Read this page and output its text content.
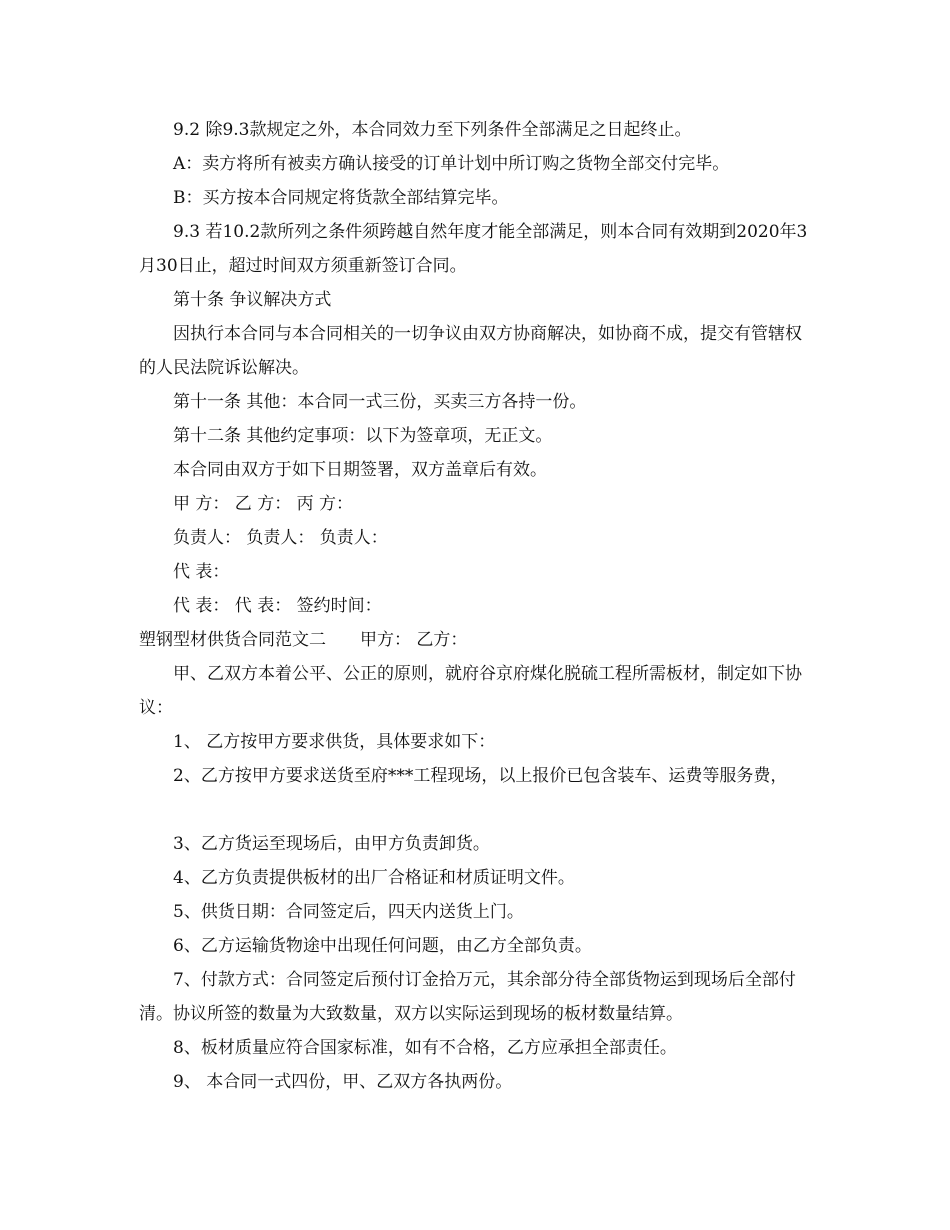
9.2 除9.3款规定之外，本合同效力至下列条件全部满足之日起终止。

A：卖方将所有被卖方确认接受的订单计划中所订购之货物全部交付完毕。

B：买方按本合同规定将货款全部结算完毕。

9.3 若10.2款所列之条件须跨越自然年度才能全部满足，则本合同有效期到2020年3月30日止，超过时间双方须重新签订合同。

第十条 争议解决方式

因执行本合同与本合同相关的一切争议由双方协商解决，如协商不成，提交有管辖权的人民法院诉讼解决。

第十一条 其他：本合同一式三份，买卖三方各持一份。

第十二条 其他约定事项：以下为签章项，无正文。

本合同由双方于如下日期签署，双方盖章后有效。

甲 方： 乙 方： 丙 方：

负责人： 负责人： 负责人：

代 表：

代 表： 代 表： 签约时间：

塑钢型材供货合同范文二　　甲方： 乙方：

甲、乙双方本着公平、公正的原则，就府谷京府煤化脱硫工程所需板材，制定如下协议：

1、 乙方按甲方要求供货，具体要求如下：

2、乙方按甲方要求送货至府***工程现场，以上报价已包含装车、运费等服务费，

3、乙方货运至现场后，由甲方负责卸货。

4、乙方负责提供板材的出厂合格证和材质证明文件。

5、供货日期：合同签定后，四天内送货上门。

6、乙方运输货物途中出现任何问题，由乙方全部负责。

7、付款方式：合同签定后预付订金拾万元，其余部分待全部货物运到现场后全部付清。协议所签的数量为大致数量，双方以实际运到现场的板材数量结算。

8、板材质量应符合国家标准，如有不合格，乙方应承担全部责任。

9、 本合同一式四份，甲、乙双方各执两份。
